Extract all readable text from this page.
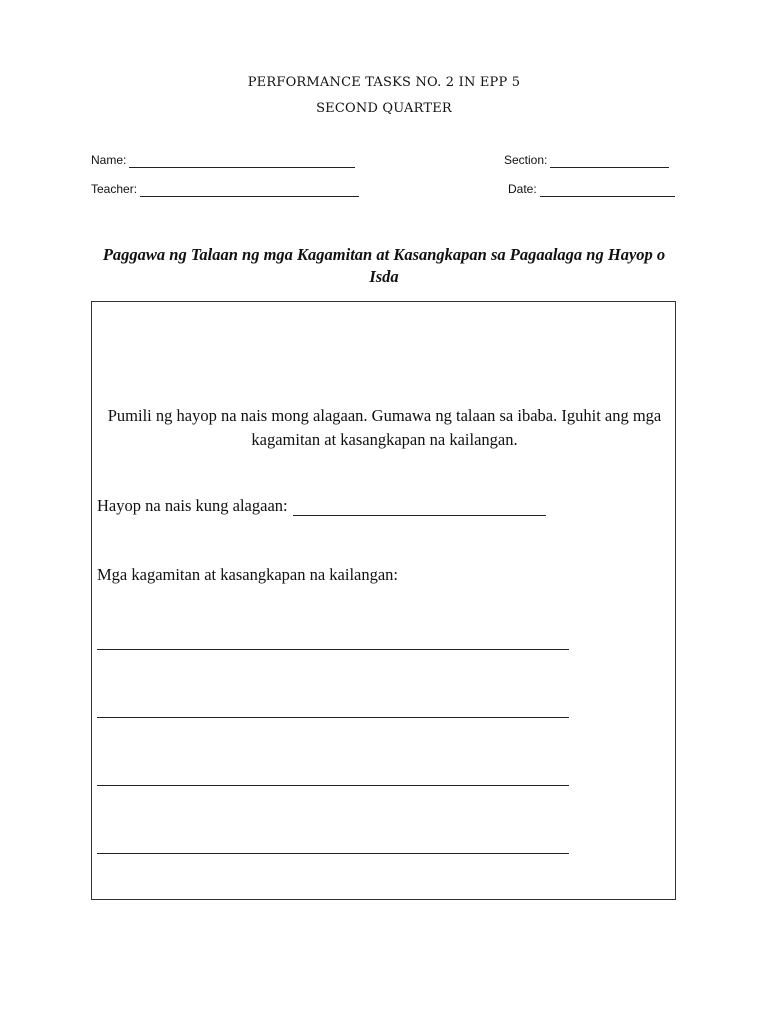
PERFORMANCE TASKS NO. 2 IN EPP 5
SECOND QUARTER
Name:	Section:
Teacher:	Date:
Paggawa ng Talaan ng mga Kagamitan at Kasangkapan sa Pagaalaga ng Hayop o Isda
Pumili ng hayop na nais mong alagaan. Gumawa ng talaan sa ibaba. Iguhit ang mga kagamitan at kasangkapan na kailangan.
Hayop na nais kung alagaan:
Mga kagamitan at kasangkapan na kailangan:
